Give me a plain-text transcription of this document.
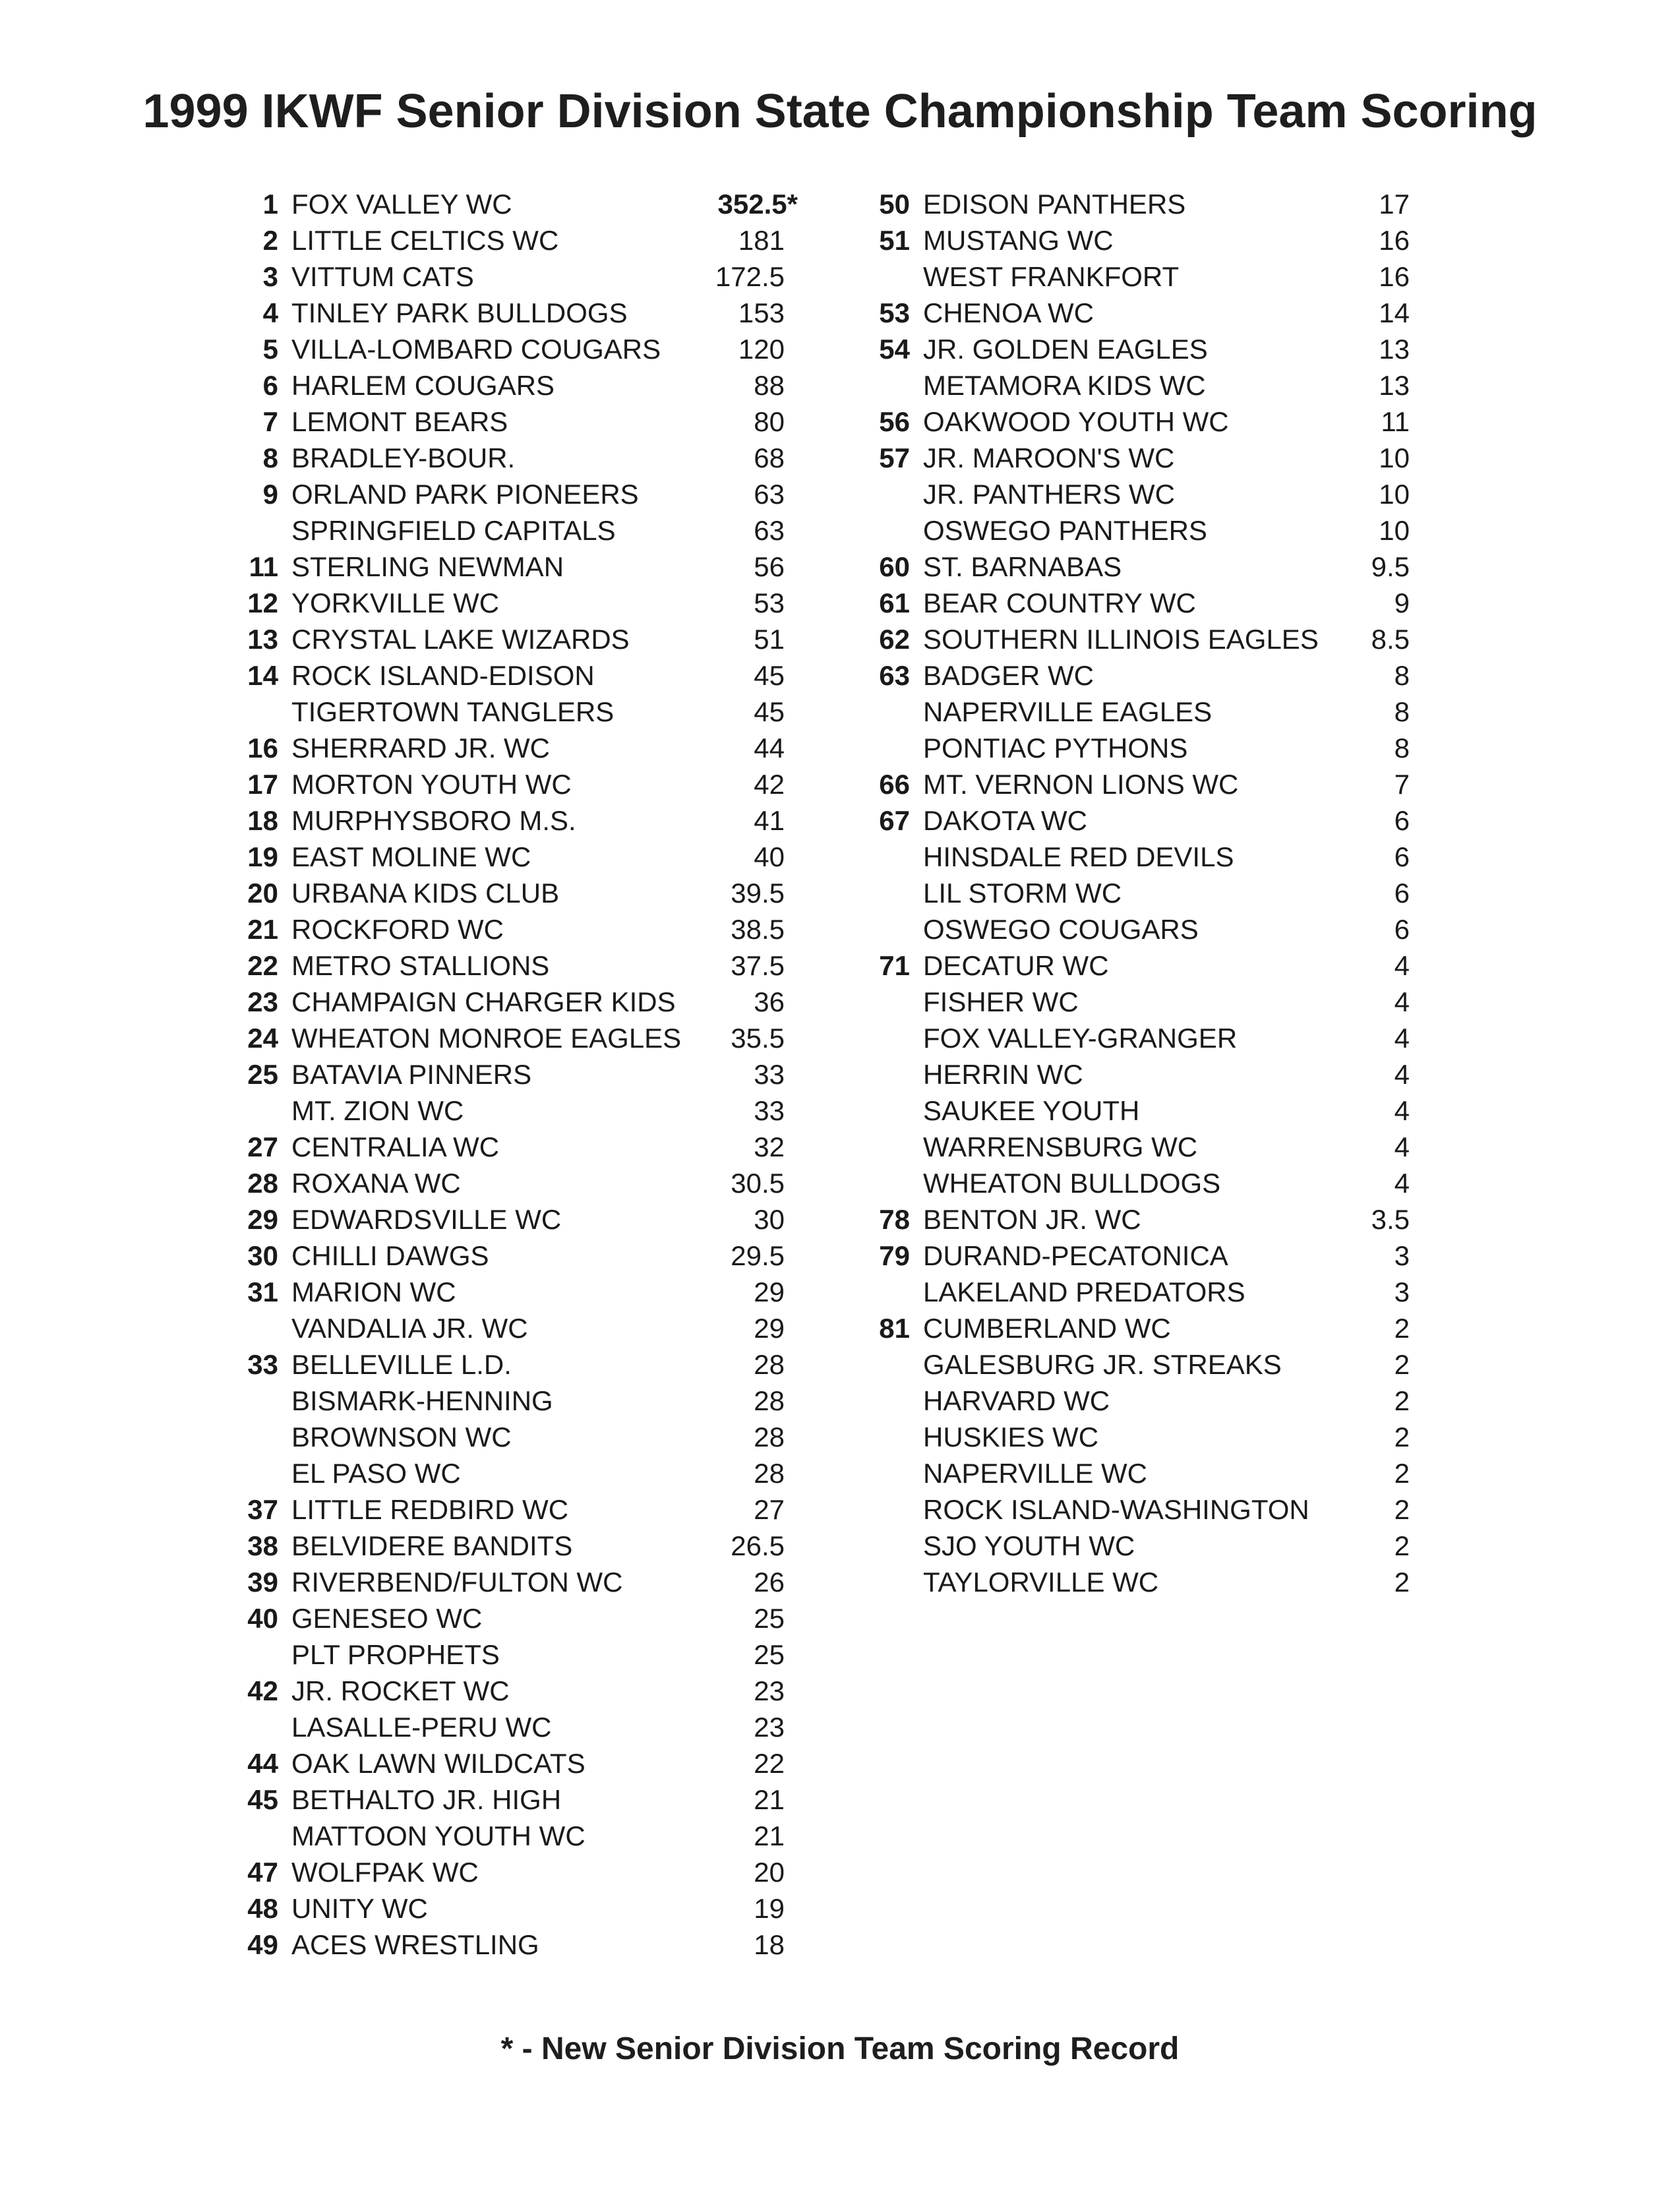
1999 IKWF Senior Division State Championship Team Scoring
1 FOX VALLEY WC	352.5*
2 LITTLE CELTICS WC	181
3 VITTUM CATS	172.5
4 TINLEY PARK BULLDOGS	153
5 VILLA-LOMBARD COUGARS	120
6 HARLEM COUGARS	88
7 LEMONT BEARS	80
8 BRADLEY-BOUR.	68
9 ORLAND PARK PIONEERS	63
SPRINGFIELD CAPITALS	63
11 STERLING NEWMAN	56
12 YORKVILLE WC	53
13 CRYSTAL LAKE WIZARDS	51
14 ROCK ISLAND-EDISON	45
TIGERTOWN TANGLERS	45
16 SHERRARD JR. WC	44
17 MORTON YOUTH WC	42
18 MURPHYSBORO M.S.	41
19 EAST MOLINE WC	40
20 URBANA KIDS CLUB	39.5
21 ROCKFORD WC	38.5
22 METRO STALLIONS	37.5
23 CHAMPAIGN CHARGER KIDS	36
24 WHEATON MONROE EAGLES 35.5
25 BATAVIA PINNERS	33
MT. ZION WC	33
27 CENTRALIA WC	32
28 ROXANA WC	30.5
29 EDWARDSVILLE WC	30
30 CHILLI DAWGS	29.5
31 MARION WC	29
VANDALIA JR. WC	29
33 BELLEVILLE L.D.	28
BISMARK-HENNING	28
BROWNSON WC	28
EL PASO WC	28
37 LITTLE REDBIRD WC	27
38 BELVIDERE BANDITS	26.5
39 RIVERBEND/FULTON WC	26
40 GENESEO WC	25
PLT PROPHETS	25
42 JR. ROCKET WC	23
LASALLE-PERU WC	23
44 OAK LAWN WILDCATS	22
45 BETHALTO JR. HIGH	21
MATTOON YOUTH WC	21
47 WOLFPAK WC	20
48 UNITY WC	19
49 ACES WRESTLING	18
50 EDISON PANTHERS	17
51 MUSTANG WC	16
WEST FRANKFORT	16
53 CHENOA WC	14
54 JR. GOLDEN EAGLES	13
METAMORA KIDS WC	13
56 OAKWOOD YOUTH WC	11
57 JR. MAROON'S WC	10
JR. PANTHERS WC	10
OSWEGO PANTHERS	10
60 ST. BARNABAS	9.5
61 BEAR COUNTRY WC	9
62 SOUTHERN ILLINOIS EAGLES 8.5
63 BADGER WC	8
NAPERVILLE EAGLES	8
PONTIAC PYTHONS	8
66 MT. VERNON LIONS WC	7
67 DAKOTA WC	6
HINSDALE RED DEVILS	6
LIL STORM WC	6
OSWEGO COUGARS	6
71 DECATUR WC	4
FISHER WC	4
FOX VALLEY-GRANGER	4
HERRIN WC	4
SAUKEE YOUTH	4
WARRENSBURG WC	4
WHEATON BULLDOGS	4
78 BENTON JR. WC	3.5
79 DURAND-PECATONICA	3
LAKELAND PREDATORS	3
81 CUMBERLAND WC	2
GALESBURG JR. STREAKS	2
HARVARD WC	2
HUSKIES WC	2
NAPERVILLE WC	2
ROCK ISLAND-WASHINGTON	2
SJO YOUTH WC	2
TAYLORVILLE WC	2
* - New Senior Division Team Scoring Record
